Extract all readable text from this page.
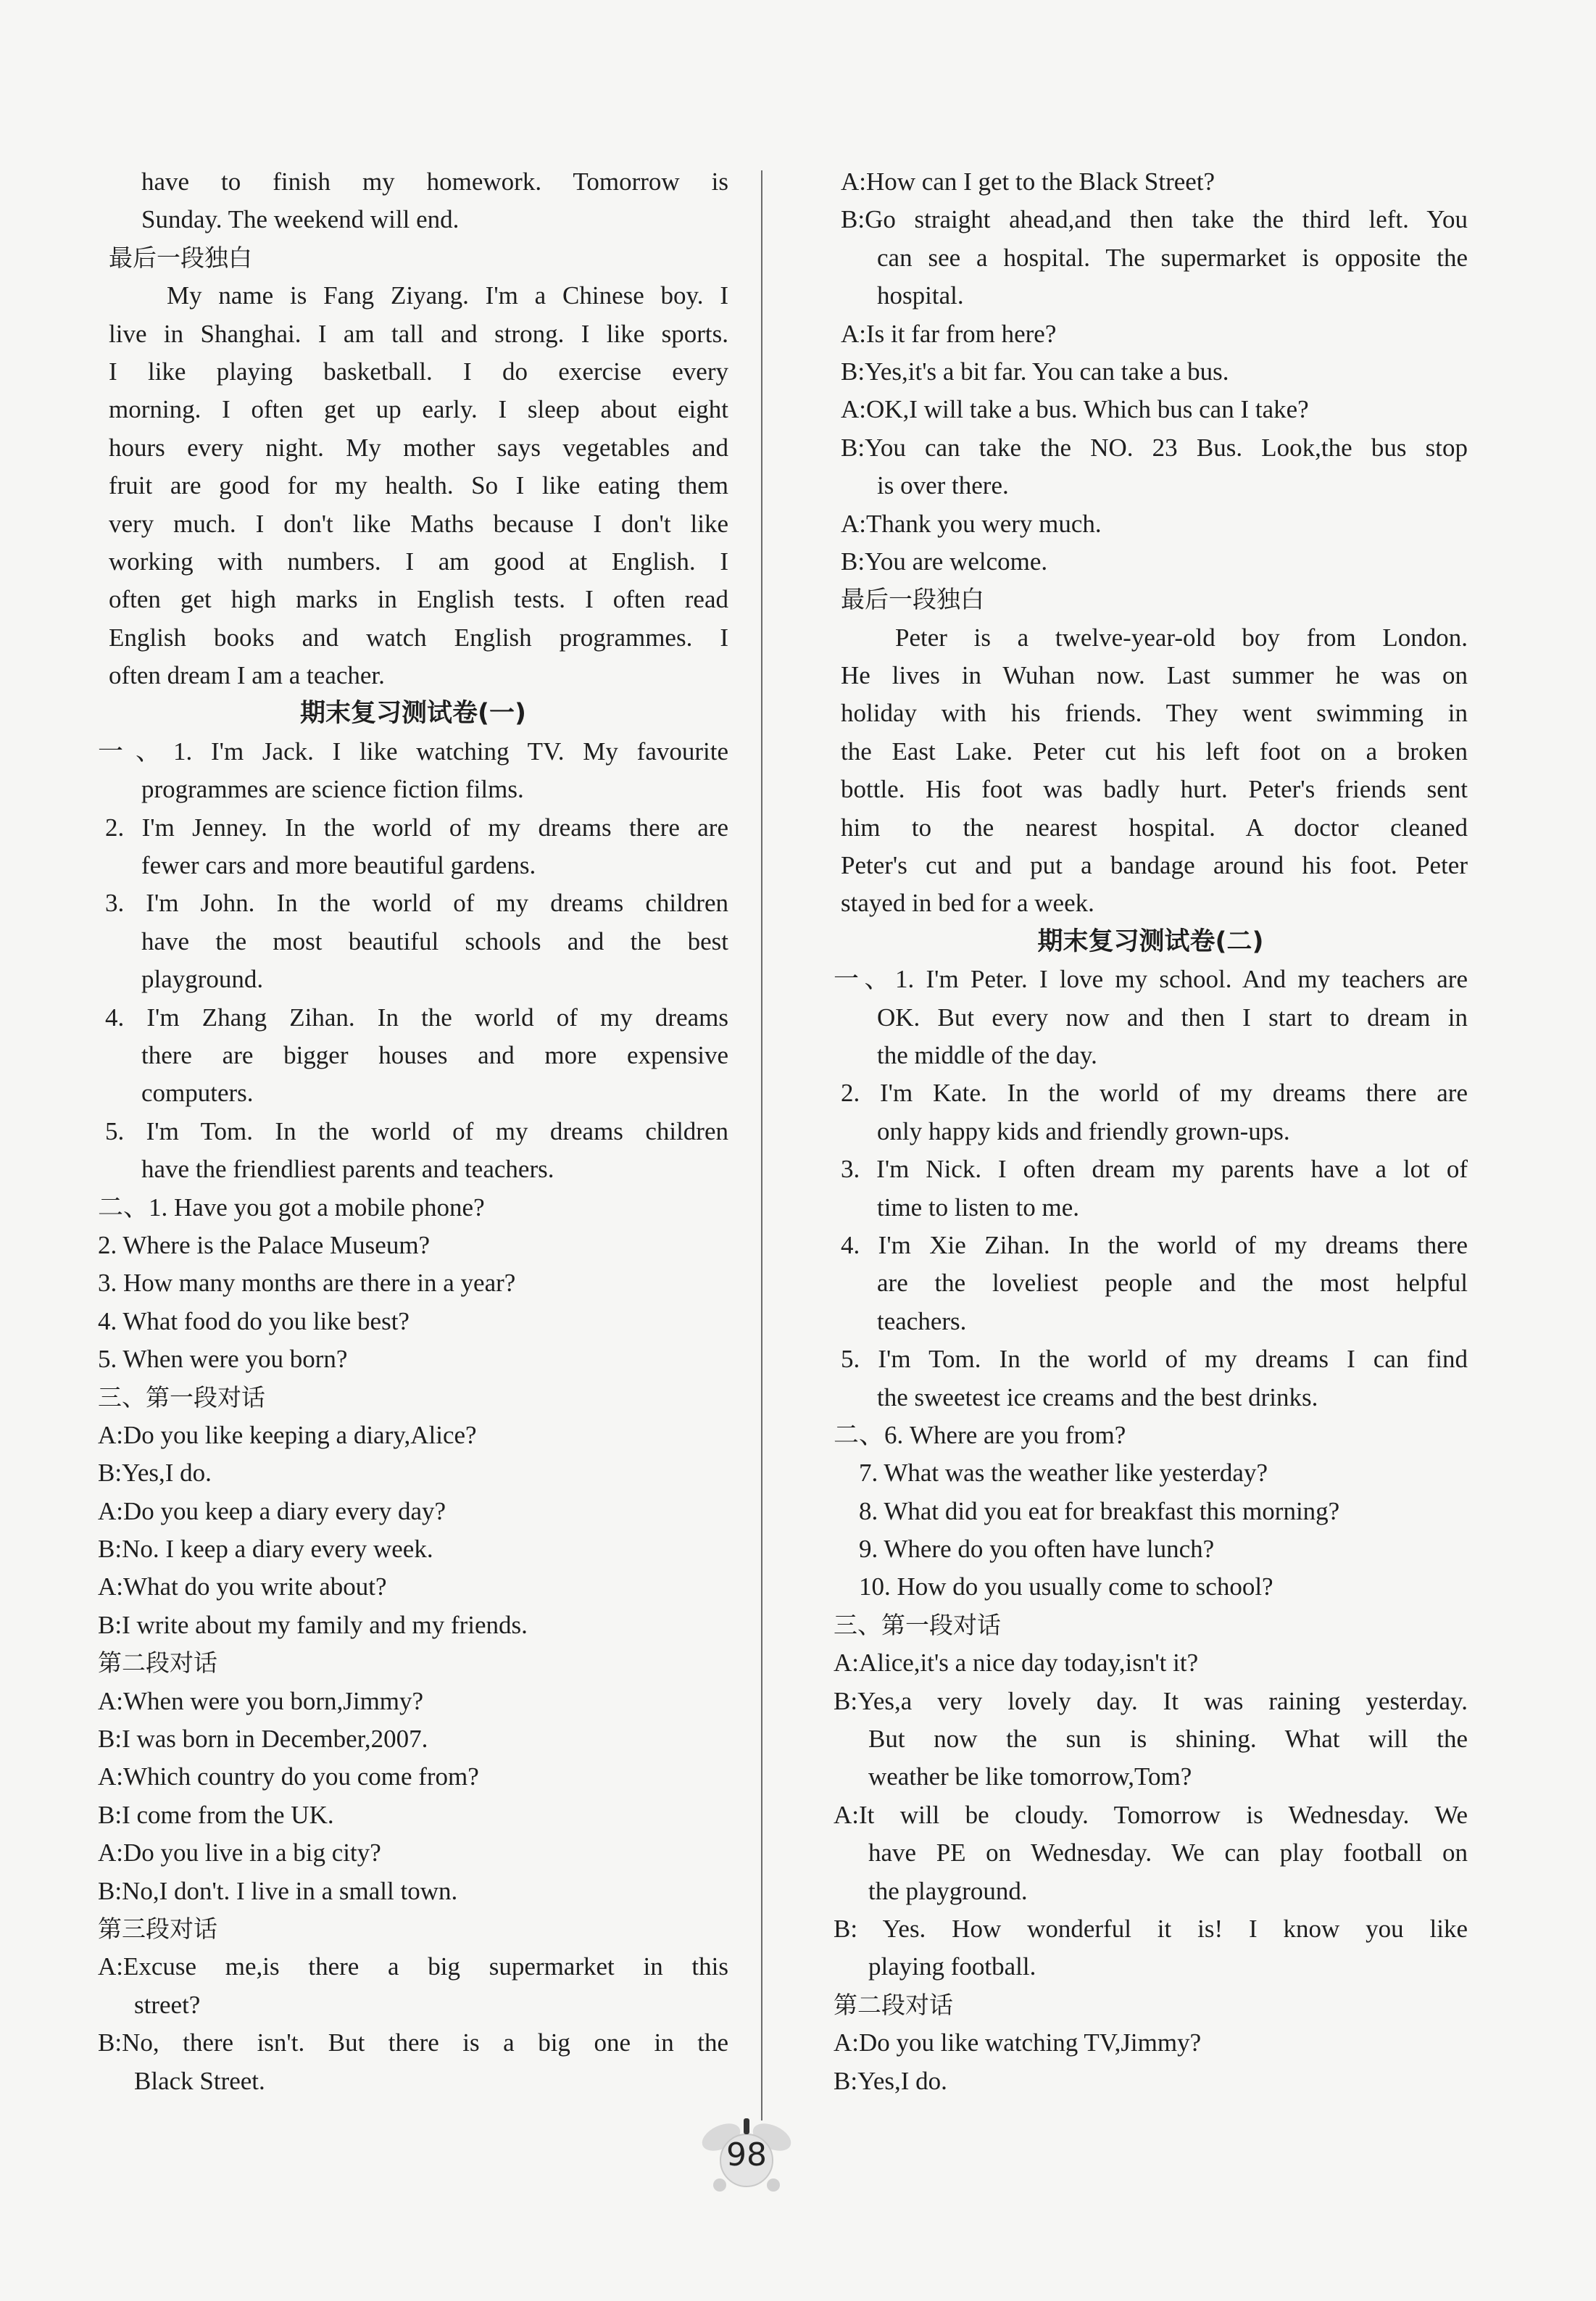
have to finish my homework. Tomorrow is
Sunday. The weekend will end.
最后一段独白
My name is Fang Ziyang. I'm a Chinese boy. I
live in Shanghai. I am tall and strong. I like sports.
I like playing basketball. I do exercise every
morning. I often get up early. I sleep about eight
hours every night. My mother says vegetables and
fruit are good for my health. So I like eating them
very much. I don't like Maths because I don't like
working with numbers. I am good at English. I
often get high marks in English tests. I often read
English books and watch English programmes. I
often dream I am a teacher.
期末复习测试卷(一)
一、1. I'm Jack. I like watching TV. My favourite
programmes are science fiction films.
2. I'm Jenney. In the world of my dreams there are
fewer cars and more beautiful gardens.
3. I'm John. In the world of my dreams children
have the most beautiful schools and the best
playground.
4. I'm Zhang Zihan. In the world of my dreams
there are bigger houses and more expensive
computers.
5. I'm Tom. In the world of my dreams children
have the friendliest parents and teachers.
二、1. Have you got a mobile phone?
2. Where is the Palace Museum?
3. How many months are there in a year?
4. What food do you like best?
5. When were you born?
三、第一段对话
A:Do you like keeping a diary,Alice?
B:Yes,I do.
A:Do you keep a diary every day?
B:No. I keep a diary every week.
A:What do you write about?
B:I write about my family and my friends.
第二段对话
A:When were you born,Jimmy?
B:I was born in December,2007.
A:Which country do you come from?
B:I come from the UK.
A:Do you live in a big city?
B:No,I don't. I live in a small town.
第三段对话
A:Excuse me,is there a big supermarket in this
street?
B:No, there isn't. But there is a big one in the
Black Street.
A:How can I get to the Black Street?
B:Go straight ahead,and then take the third left. You
can see a hospital. The supermarket is opposite the
hospital.
A:Is it far from here?
B:Yes,it's a bit far. You can take a bus.
A:OK,I will take a bus. Which bus can I take?
B:You can take the NO. 23 Bus. Look,the bus stop
is over there.
A:Thank you wery much.
B:You are welcome.
最后一段独白
Peter is a twelve-year-old boy from London.
He lives in Wuhan now. Last summer he was on
holiday with his friends. They went swimming in
the East Lake. Peter cut his left foot on a broken
bottle. His foot was badly hurt. Peter's friends sent
him to the nearest hospital. A doctor cleaned
Peter's cut and put a bandage around his foot. Peter
stayed in bed for a week.
期末复习测试卷(二)
一、1. I'm Peter. I love my school. And my teachers are
OK. But every now and then I start to dream in
the middle of the day.
2. I'm Kate. In the world of my dreams there are
only happy kids and friendly grown-ups.
3. I'm Nick. I often dream my parents have a lot of
time to listen to me.
4. I'm Xie Zihan. In the world of my dreams there
are the loveliest people and the most helpful
teachers.
5. I'm Tom. In the world of my dreams I can find
the sweetest ice creams and the best drinks.
二、6. Where are you from?
7. What was the weather like yesterday?
8. What did you eat for breakfast this morning?
9. Where do you often have lunch?
10. How do you usually come to school?
三、第一段对话
A:Alice,it's a nice day today,isn't it?
B:Yes,a very lovely day. It was raining yesterday.
But now the sun is shining. What will the
weather be like tomorrow,Tom?
A:It will be cloudy. Tomorrow is Wednesday. We
have PE on Wednesday. We can play football on
the playground.
B: Yes. How wonderful it is! I know you like
playing football.
第二段对话
A:Do you like watching TV,Jimmy?
B:Yes,I do.
98
